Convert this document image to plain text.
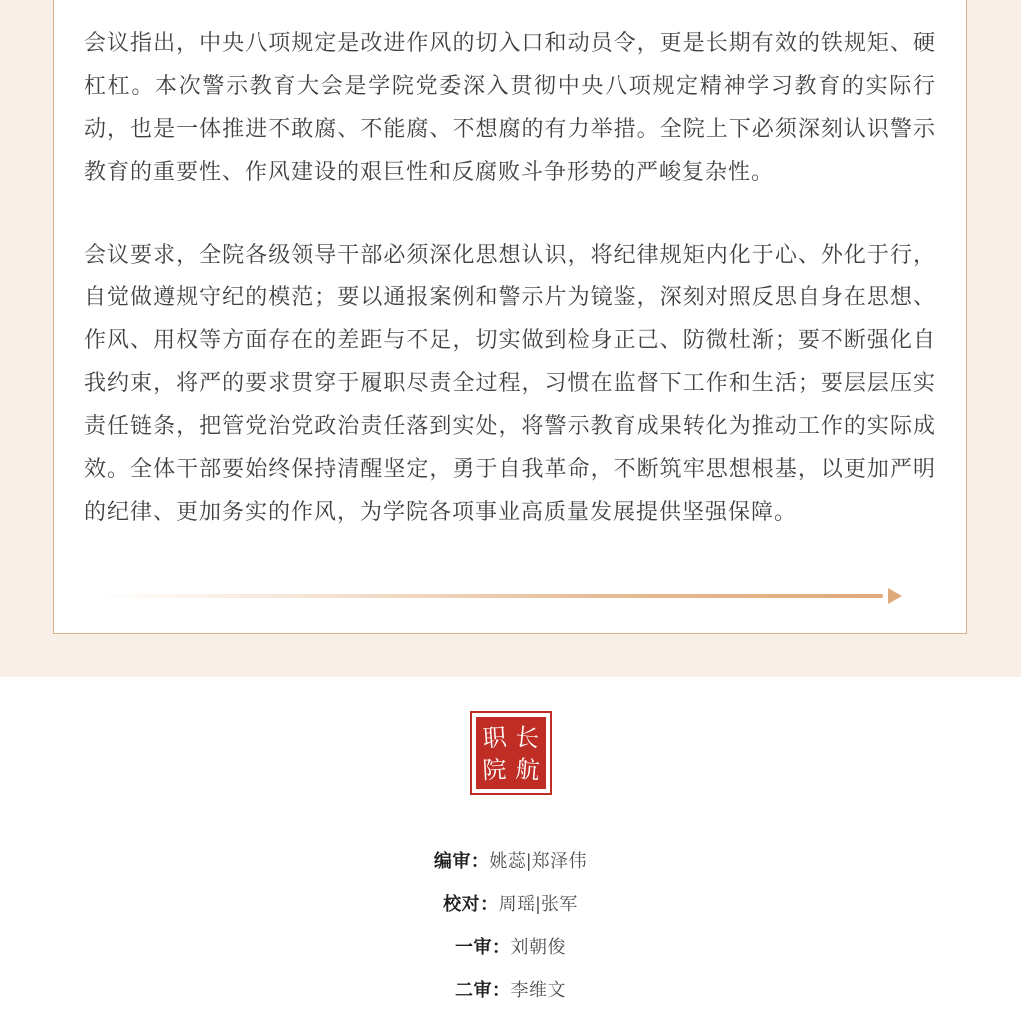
会议指出，中央八项规定是改进作风的切入口和动员令，更是长期有效的铁规矩、硬杠杠。本次警示教育大会是学院党委深入贯彻中央八项规定精神学习教育的实际行动，也是一体推进不敢腐、不能腐、不想腐的有力举措。全院上下必须深刻认识警示教育的重要性、作风建设的艰巨性和反腐败斗争形势的严峻复杂性。

会议要求，全院各级领导干部必须深化思想认识，将纪律规矩内化于心、外化于行，自觉做遵规守纪的模范；要以通报案例和警示片为镜鉴，深刻对照反思自身在思想、作风、用权等方面存在的差距与不足，切实做到检身正己、防微杜渐；要不断强化自我约束，将严的要求贯穿于履职尽责全过程，习惯在监督下工作和生活；要层层压实责任链条，把管党治党政治责任落到实处，将警示教育成果转化为推动工作的实际成效。全体干部要始终保持清醒坚定，勇于自我革命，不断筑牢思想根基，以更加严明的纪律、更加务实的作风，为学院各项事业高质量发展提供坚强保障。

职 长
院 航
编审：姚蕊|郑泽伟
校对：周瑶|张军
一审：刘朝俊
二审：李维文
